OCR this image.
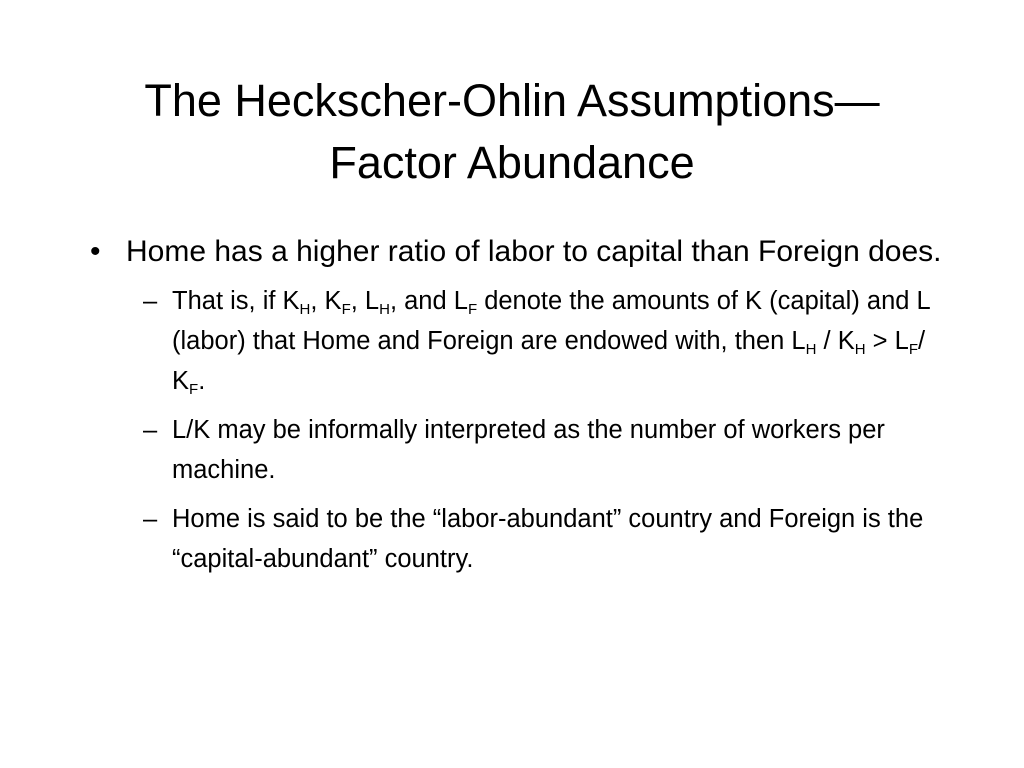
The Heckscher-Ohlin Assumptions—
Factor Abundance

• Home has a higher ratio of labor to capital than Foreign does.

– That is, if $K_H$, $K_F$, $L_H$, and $L_F$ denote the amounts of K (capital) and L (labor) that Home and Foreign are endowed with, then $L_H / K_H > L_F/$ $K_F$.

– L/K may be informally interpreted as the number of workers per machine.

– Home is said to be the “labor-abundant” country and Foreign is the “capital-abundant” country.
